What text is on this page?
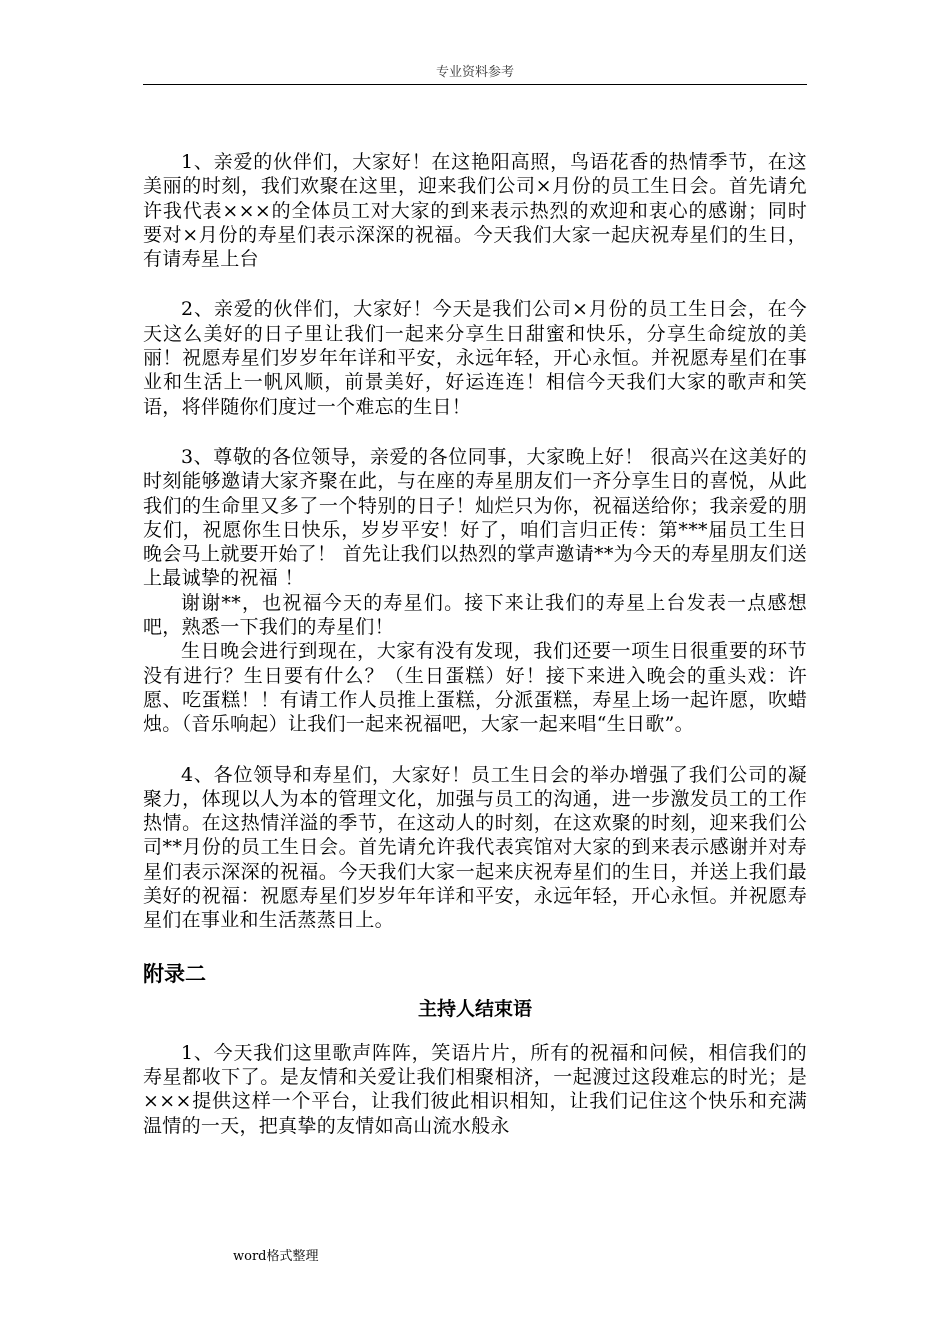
专业资料参考

1、亲爱的伙伴们，大家好！在这艳阳高照，鸟语花香的热情季节，在这美丽的时刻，我们欢聚在这里，迎来我们公司×月份的员工生日会。首先请允许我代表×××的全体员工对大家的到来表示热烈的欢迎和衷心的感谢；同时要对×月份的寿星们表示深深的祝福。今天我们大家一起庆祝寿星们的生日，有请寿星上台

2、亲爱的伙伴们，大家好！今天是我们公司×月份的员工生日会，在今天这么美好的日子里让我们一起来分享生日甜蜜和快乐，分享生命绽放的美丽！祝愿寿星们岁岁年年详和平安，永远年轻，开心永恒。并祝愿寿星们在事业和生活上一帆风顺，前景美好，好运连连！相信今天我们大家的歌声和笑语，将伴随你们度过一个难忘的生日！

3、尊敬的各位领导，亲爱的各位同事，大家晚上好！ 很高兴在这美好的时刻能够邀请大家齐聚在此，与在座的寿星朋友们一齐分享生日的喜悦，从此我们的生命里又多了一个特别的日子！灿烂只为你，祝福送给你；我亲爱的朋友们，祝愿你生日快乐，岁岁平安！好了，咱们言归正传：第***届员工生日晚会马上就要开始了！ 首先让我们以热烈的掌声邀请**为今天的寿星朋友们送上最诚挚的祝福 ！

谢谢**，也祝福今天的寿星们。接下来让我们的寿星上台发表一点感想吧，熟悉一下我们的寿星们！

生日晚会进行到现在，大家有没有发现，我们还要一项生日很重要的环节没有进行？生日要有什么？（生日蛋糕）好！接下来进入晚会的重头戏：许愿、吃蛋糕！！有请工作人员推上蛋糕，分派蛋糕，寿星上场一起许愿，吹蜡烛。（音乐响起）让我们一起来祝福吧，大家一起来唱“生日歌”。

4、各位领导和寿星们，大家好！员工生日会的举办增强了我们公司的凝聚力，体现以人为本的管理文化，加强与员工的沟通，进一步激发员工的工作热情。在这热情洋溢的季节，在这动人的时刻，在这欢聚的时刻，迎来我们公司**月份的员工生日会。首先请允许我代表宾馆对大家的到来表示感谢并对寿星们表示深深的祝福。今天我们大家一起来庆祝寿星们的生日，并送上我们最美好的祝福：祝愿寿星们岁岁年年详和平安，永远年轻，开心永恒。并祝愿寿星们在事业和生活蒸蒸日上。

附录二
主持人结束语

1、今天我们这里歌声阵阵，笑语片片，所有的祝福和问候，相信我们的寿星都收下了。是友情和关爱让我们相聚相济，一起渡过这段难忘的时光；是×××提供这样一个平台，让我们彼此相识相知，让我们记住这个快乐和充满温情的一天，把真挚的友情如高山流水般永

word格式整理
